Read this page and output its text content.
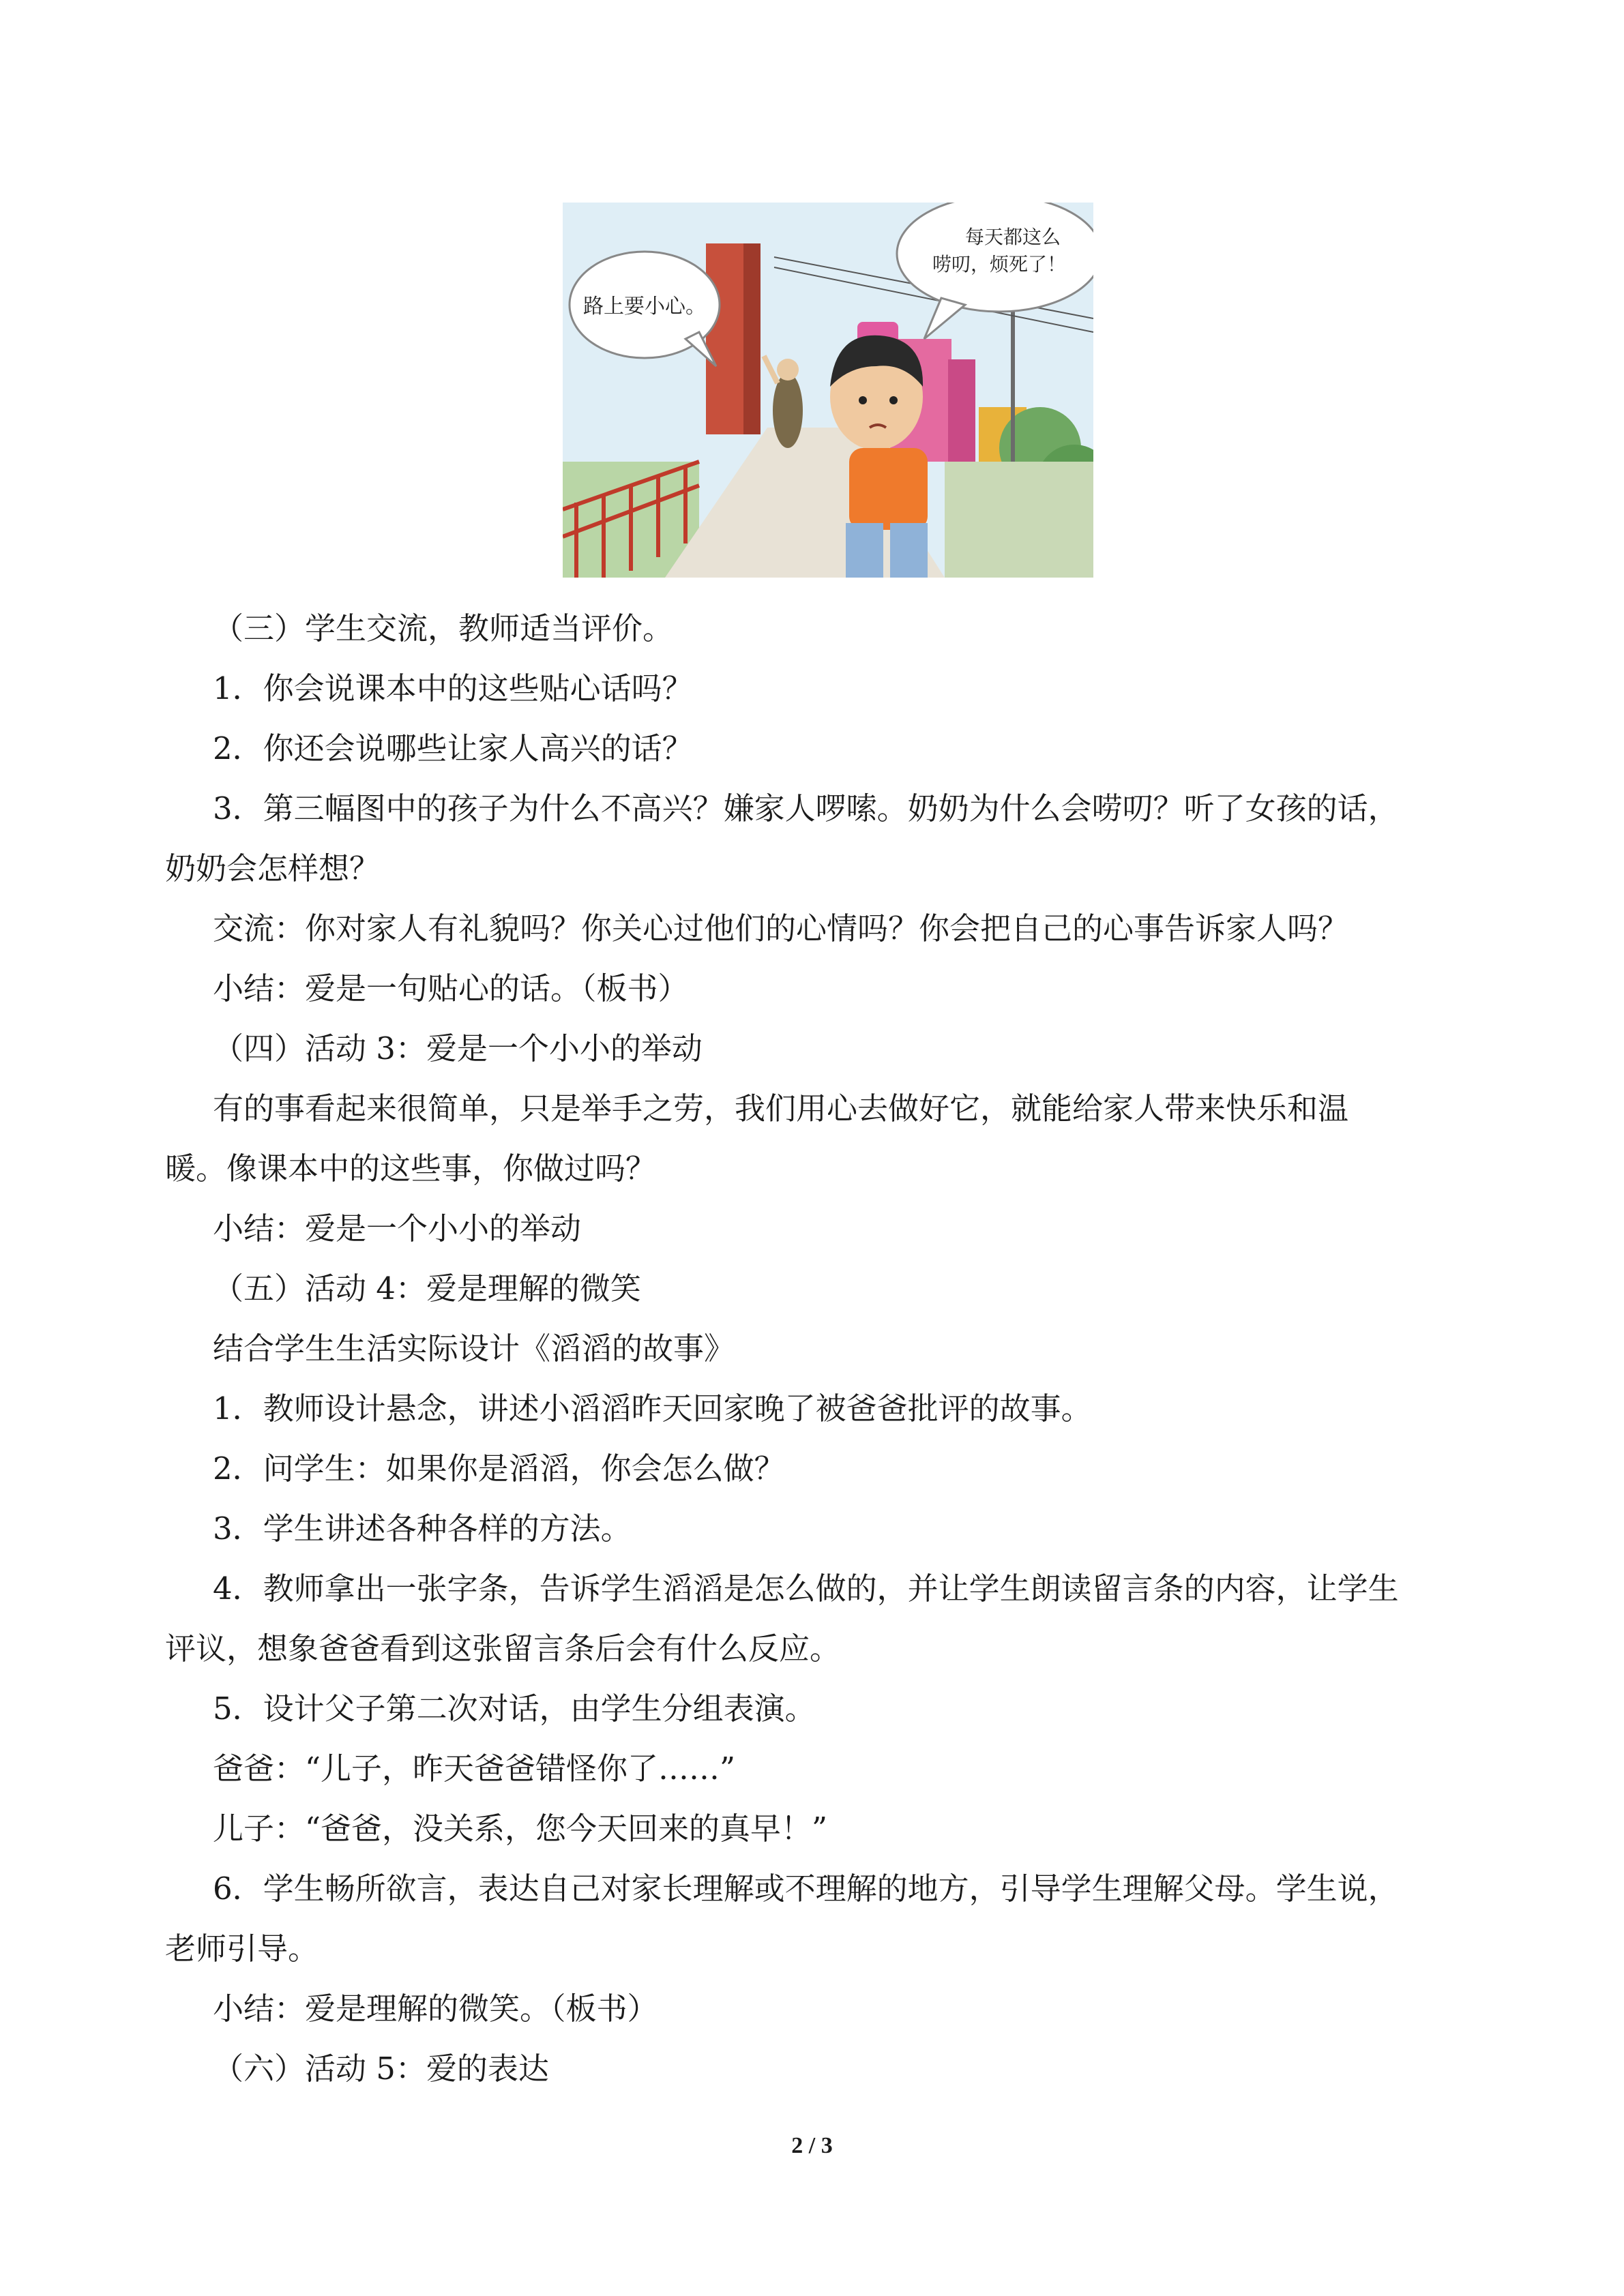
路上要小心。
每天都这么
唠叨，烦死了！

（三）学生交流，教师适当评价。

1．你会说课本中的这些贴心话吗？

2．你还会说哪些让家人高兴的话？

3．第三幅图中的孩子为什么不高兴？嫌家人啰嗦。奶奶为什么会唠叨？听了女孩的话，

奶奶会怎样想？

交流：你对家人有礼貌吗？你关心过他们的心情吗？你会把自己的心事告诉家人吗？

小结：爱是一句贴心的话。（板书）

（四）活动 3：爱是一个小小的举动

有的事看起来很简单，只是举手之劳，我们用心去做好它，就能给家人带来快乐和温

暖。像课本中的这些事，你做过吗？

小结：爱是一个小小的举动

（五）活动 4：爱是理解的微笑

结合学生生活实际设计《滔滔的故事》

1．教师设计悬念，讲述小滔滔昨天回家晚了被爸爸批评的故事。

2．问学生：如果你是滔滔，你会怎么做？

3．学生讲述各种各样的方法。

4．教师拿出一张字条，告诉学生滔滔是怎么做的，并让学生朗读留言条的内容，让学生

评议，想象爸爸看到这张留言条后会有什么反应。

5．设计父子第二次对话，由学生分组表演。

爸爸：“儿子，昨天爸爸错怪你了……”

儿子：“爸爸，没关系，您今天回来的真早！”

6．学生畅所欲言，表达自己对家长理解或不理解的地方，引导学生理解父母。学生说，

老师引导。

小结：爱是理解的微笑。（板书）

（六）活动 5：爱的表达

2 / 3
